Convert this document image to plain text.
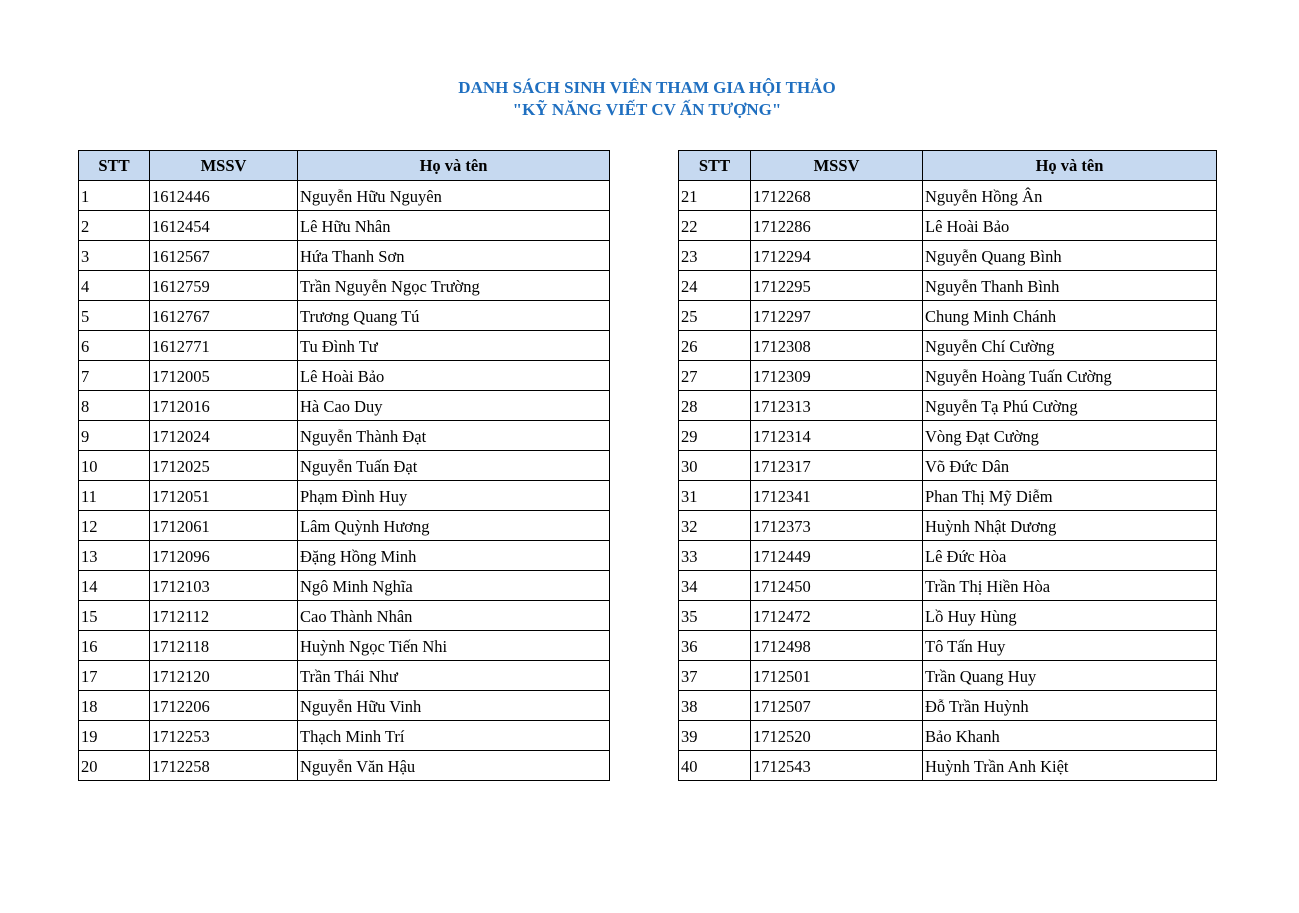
DANH SÁCH SINH VIÊN THAM GIA HỘI THẢO
"KỸ NĂNG VIẾT CV ẤN TƯỢNG"
STT	MSSV	Họ và tên
1	1612446	Nguyễn Hữu Nguyên
2	1612454	Lê Hữu Nhân
3	1612567	Hứa Thanh Sơn
4	1612759	Trần Nguyễn Ngọc Trường
5	1612767	Trương Quang Tú
6	1612771	Tu Đình Tư
7	1712005	Lê Hoài Bảo
8	1712016	Hà Cao Duy
9	1712024	Nguyễn Thành Đạt
10	1712025	Nguyễn Tuấn Đạt
11	1712051	Phạm Đình Huy
12	1712061	Lâm Quỳnh Hương
13	1712096	Đặng Hồng Minh
14	1712103	Ngô Minh Nghĩa
15	1712112	Cao Thành Nhân
16	1712118	Huỳnh Ngọc Tiến Nhi
17	1712120	Trần Thái Như
18	1712206	Nguyễn Hữu Vinh
19	1712253	Thạch Minh Trí
20	1712258	Nguyễn Văn Hậu
STT	MSSV	Họ và tên
21	1712268	Nguyễn Hồng Ân
22	1712286	Lê Hoài Bảo
23	1712294	Nguyễn Quang Bình
24	1712295	Nguyễn Thanh Bình
25	1712297	Chung Minh Chánh
26	1712308	Nguyễn Chí Cường
27	1712309	Nguyễn Hoàng Tuấn Cường
28	1712313	Nguyễn Tạ Phú Cường
29	1712314	Vòng Đạt Cường
30	1712317	Võ Đức Dân
31	1712341	Phan Thị Mỹ Diễm
32	1712373	Huỳnh Nhật Dương
33	1712449	Lê Đức Hòa
34	1712450	Trần Thị Hiền Hòa
35	1712472	Lồ Huy Hùng
36	1712498	Tô Tấn Huy
37	1712501	Trần Quang Huy
38	1712507	Đỗ Trần Huỳnh
39	1712520	Bảo Khanh
40	1712543	Huỳnh Trần Anh Kiệt
